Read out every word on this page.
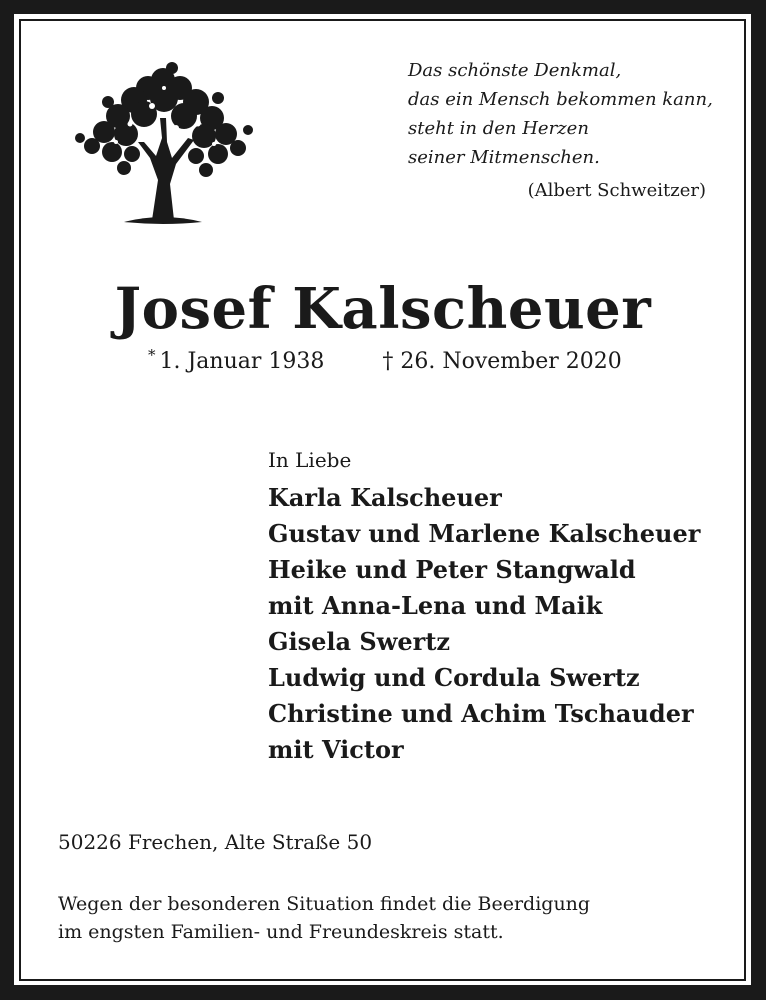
Das schönste Denkmal,
das ein Mensch bekommen kann,
steht in den Herzen
seiner Mitmenschen.
(Albert Schweitzer)
Josef Kalscheuer
* 1. Januar 1938	† 26. November 2020
In Liebe
Karla Kalscheuer
Gustav und Marlene Kalscheuer
Heike und Peter Stangwald
mit Anna-Lena und Maik
Gisela Swertz
Ludwig und Cordula Swertz
Christine und Achim Tschauder
mit Victor
50226 Frechen, Alte Straße 50
Wegen der besonderen Situation findet die Beerdigung
im engsten Familien- und Freundeskreis statt.
